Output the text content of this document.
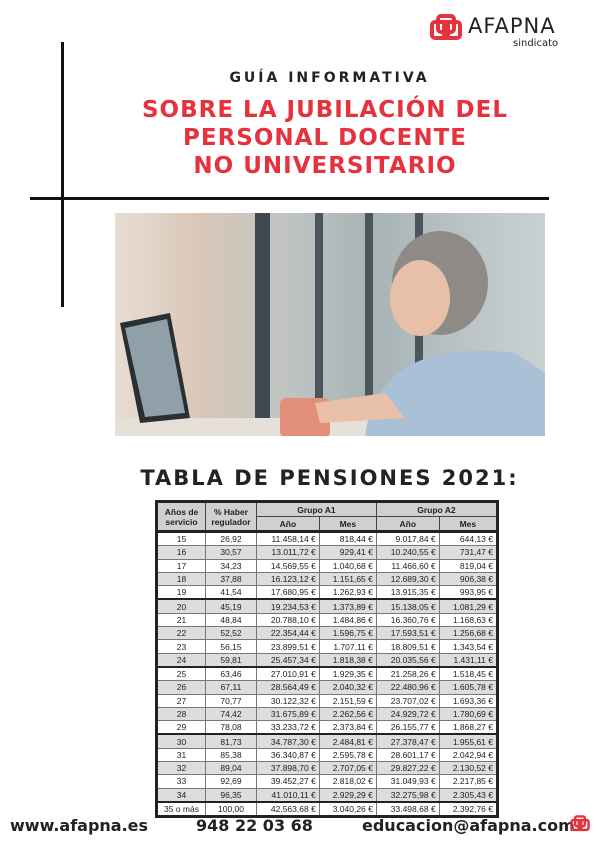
AFAPNA
sindicato
GUÍA INFORMATIVA
SOBRE LA JUBILACIÓN DEL
PERSONAL DOCENTE
NO UNIVERSITARIO
TABLA DE PENSIONES 2021:
Años de servicio	% Haber regulador	Grupo A1		Grupo A2	
		Año	Mes	Año	Mes
15	26,92	11.458,14 €	818,44 €	9.017,84 €	644,13 €
16	30,57	13.011,72 €	929,41 €	10.240,55 €	731,47 €
17	34,23	14.569,55 €	1.040,68 €	11.466,60 €	819,04 €
18	37,88	16.123,12 €	1.151,65 €	12.689,30 €	906,38 €
19	41,54	17.680,95 €	1.262,93 €	13.915,35 €	993,95 €
20	45,19	19.234,53 €	1.373,89 €	15.138,05 €	1.081,29 €
21	48,84	20.788,10 €	1.484,86 €	16.360,76 €	1.168,63 €
22	52,52	22.354,44 €	1.596,75 €	17.593,51 €	1.256,68 €
23	56,15	23.899,51 €	1.707,11 €	18.809,51 €	1.343,54 €
24	59,81	25.457,34 €	1.818,38 €	20.035,56 €	1.431,11 €
25	63,46	27.010,91 €	1.929,35 €	21.258,26 €	1.518,45 €
26	67,11	28.564,49 €	2.040,32 €	22.480,96 €	1.605,78 €
27	70,77	30.122,32 €	2.151,59 €	23.707,02 €	1.693,36 €
28	74,42	31.675,89 €	2.262,56 €	24.929,72 €	1.780,69 €
29	78,08	33.233,72 €	2.373,84 €	26.155,77 €	1.868,27 €
30	81,73	34.787,30 €	2.484,81 €	27.378,47 €	1.955,61 €
31	85,38	36.340,87 €	2.595,78 €	28.601,17 €	2.042,94 €
32	89,04	37.898,70 €	2.707,05 €	29.827,22 €	2.130,52 €
33	92,69	39.452,27 €	2.818,02 €	31.049,93 €	2.217,85 €
34	96,35	41.010,11 €	2.929,29 €	32.275,98 €	2.305,43 €
35 o más	100,00	42.563,68 €	3.040,26 €	33.498,68 €	2.392,76 €
www.afapna.es	948 22 03 68	educacion@afapna.com
